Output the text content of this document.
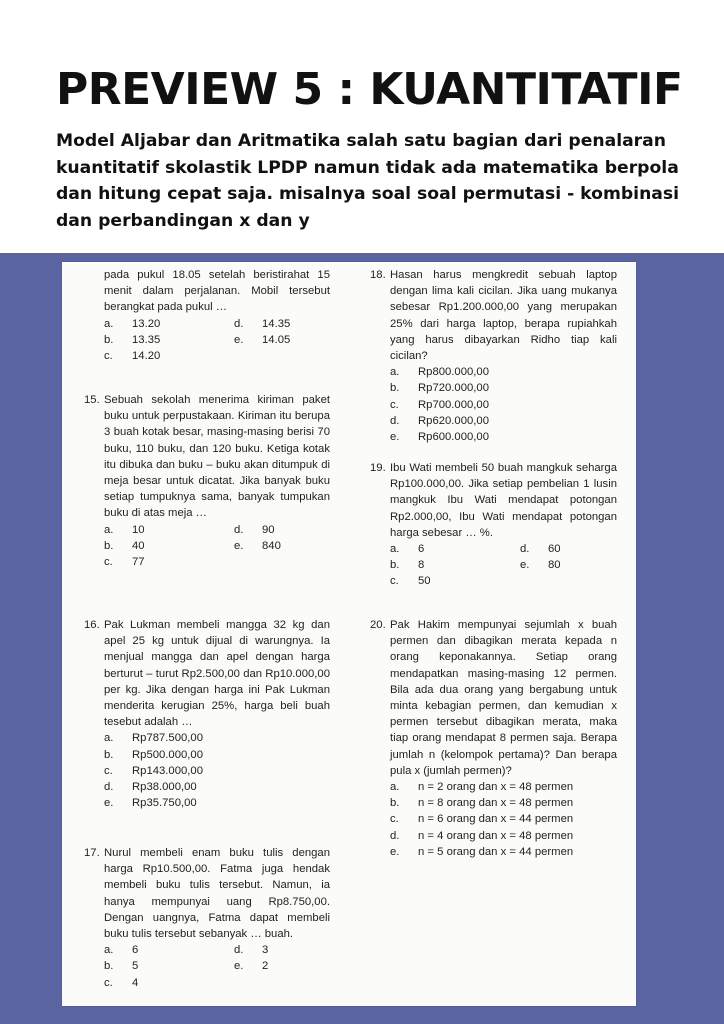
PREVIEW 5 : KUANTITATIF

Model Aljabar dan Aritmatika salah satu bagian dari penalaran kuantitatif skolastik LPDP namun tidak ada matematika berpola dan hitung cepat saja. misalnya soal soal permutasi - kombinasi dan perbandingan x dan y

pada pukul 18.05 setelah beristirahat 15 menit dalam perjalanan. Mobil tersebut berangkat pada pukul …
a.	13.20	d.	14.35
b.	13.35	e.	14.05
c.	14.20
15. Sebuah sekolah menerima kiriman paket buku untuk perpustakaan. Kiriman itu berupa 3 buah kotak besar, masing-masing berisi 70 buku, 110 buku, dan 120 buku. Ketiga kotak itu dibuka dan buku – buku akan ditumpuk di meja besar untuk dicatat. Jika banyak buku setiap tumpuknya sama, banyak tumpukan buku di atas meja …
a.	10	d.	90
b.	40	e.	840
c.	77
16. Pak Lukman membeli mangga 32 kg dan apel 25 kg untuk dijual di warungnya. Ia menjual mangga dan apel dengan harga berturut – turut Rp2.500,00 dan Rp10.000,00 per kg. Jika dengan harga ini Pak Lukman menderita kerugian 25%, harga beli buah tesebut adalah …
a.	Rp787.500,00
b.	Rp500.000,00
c.	Rp143.000,00
d.	Rp38.000,00
e.	Rp35.750,00
17. Nurul membeli enam buku tulis dengan harga Rp10.500,00. Fatma juga hendak membeli buku tulis tersebut. Namun, ia hanya mempunyai uang Rp8.750,00. Dengan uangnya, Fatma dapat membeli buku tulis tersebut sebanyak … buah.
a.	6	d.	3
b.	5	e.	2
c.	4
18. Hasan harus mengkredit sebuah laptop dengan lima kali cicilan. Jika uang mukanya sebesar Rp1.200.000,00 yang merupakan 25% dari harga laptop, berapa rupiahkah yang harus dibayarkan Ridho tiap kali cicilan?
a.	Rp800.000,00
b.	Rp720.000,00
c.	Rp700.000,00
d.	Rp620.000,00
e.	Rp600.000,00
19. Ibu Wati membeli 50 buah mangkuk seharga Rp100.000,00. Jika setiap pembelian 1 lusin mangkuk Ibu Wati mendapat potongan Rp2.000,00, Ibu Wati mendapat potongan harga sebesar … %.
a.	6	d.	60
b.	8	e.	80
c.	50
20. Pak Hakim mempunyai sejumlah x buah permen dan dibagikan merata kepada n orang keponakannya. Setiap orang mendapatkan masing-masing 12 permen. Bila ada dua orang yang bergabung untuk minta kebagian permen, dan kemudian x permen tersebut dibagikan merata, maka tiap orang mendapat 8 permen saja. Berapa jumlah n (kelompok pertama)? Dan berapa pula x (jumlah permen)?
a.	n = 2 orang dan x = 48 permen
b.	n = 8 orang dan x = 48 permen
c.	n = 6 orang dan x = 44 permen
d.	n = 4 orang dan x = 48 permen
e.	n = 5 orang dan x = 44 permen
